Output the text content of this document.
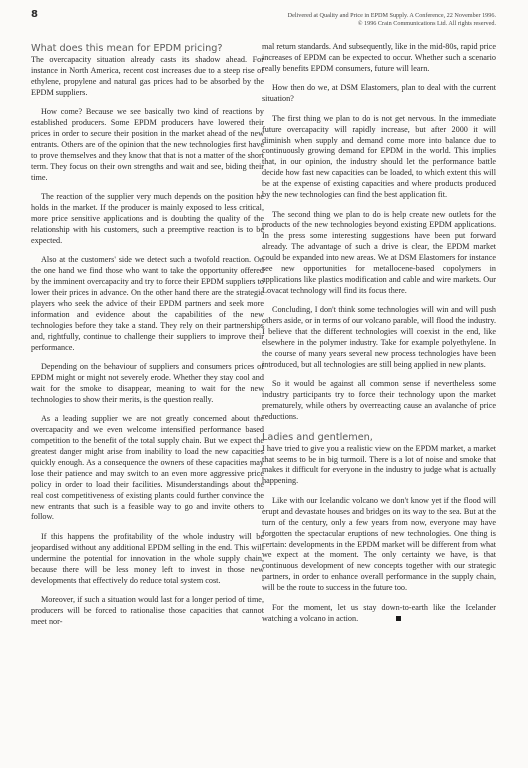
8	Delivered at Quality and Price in EPDM Supply. A Conference, 22 November 1996.
© 1996 Crain Communications Ltd. All rights reserved.
What does this mean for EPDM pricing?

The overcapacity situation already casts its shadow ahead. For instance in North America, recent cost increases due to a steep rise of ethylene, propylene and natural gas prices had to be absorbed by the EPDM suppliers.

How come? Because we see basically two kind of reactions by established producers. Some EPDM producers have lowered their prices in order to secure their position in the market ahead of the new entrants. Others are of the opinion that the new technologies first have to prove themselves and they know that that is not a matter of the short term. They focus on their own strengths and wait and see, biding their time.

The reaction of the supplier very much depends on the position he holds in the market. If the producer is mainly exposed to less critical, more price sensitive applications and is doubting the quality of the relationship with his customers, such a preemptive reaction is to be expected.

Also at the customers' side we detect such a twofold reaction. On the one hand we find those who want to take the opportunity offered by the imminent overcapacity and try to force their EPDM suppliers to lower their prices in advance. On the other hand there are the strategic players who seek the advice of their EPDM partners and seek more information and evidence about the capabilities of the new technologies before they take a stand. They rely on their partnerships and, rightfully, continue to challenge their suppliers to improve their performance.

Depending on the behaviour of suppliers and consumers prices of EPDM might or might not severely erode. Whether they stay cool and wait for the smoke to disappear, meaning to wait for the new technologies to show their merits, is the question really.

As a leading supplier we are not greatly concerned about the overcapacity and we even welcome intensified performance based competition to the benefit of the total supply chain. But we expect the greatest danger might arise from inability to load the new capacities quickly enough. As a consequence the owners of these capacities may lose their patience and may switch to an even more aggressive price policy in order to load their facilities. Misunderstandings about the real cost competitiveness of existing plants could further convince the new entrants that such is a feasible way to go and invite others to follow.

If this happens the profitability of the whole industry will be jeopardised without any additional EPDM selling in the end. This will undermine the potential for innovation in the whole supply chain, because there will be less money left to invest in those new developments that effectively do reduce total system cost.

Moreover, if such a situation would last for a longer period of time, producers will be forced to rationalise those capacities that cannot meet nor-

mal return standards. And subsequently, like in the mid-80s, rapid price increases of EPDM can be expected to occur. Whether such a scenario really benefits EPDM consumers, future will learn.

How then do we, at DSM Elastomers, plan to deal with the current situation?

The first thing we plan to do is not get nervous. In the immediate future overcapacity will rapidly increase, but after 2000 it will diminish when supply and demand come more into balance due to continuously growing demand for EPDM in the world. This implies that, in our opinion, the industry should let the performance battle decide how fast new capacities can be loaded, to which extent this will be at the expense of existing capacities and where products produced by the new technologies can find the best application fit.

The second thing we plan to do is help create new outlets for the products of the new technologies beyond existing EPDM applications. In the press some interesting suggestions have been put forward already. The advantage of such a drive is clear, the EPDM market could be expanded into new areas. We at DSM Elastomers for instance see new opportunities for metallocene-based copolymers in applications like plastics modification and cable and wire markets. Our Lovacat technology will find its focus there.

Concluding, I don't think some technologies will win and will push others aside, or in terms of our volcano parable, will flood the industry. I believe that the different technologies will coexist in the end, like elsewhere in the polymer industry. Take for example polyethylene. In the course of many years several new process technologies have been introduced, but all technologies are still being applied in new plants.

So it would be against all common sense if nevertheless some industry participants try to force their technology upon the market prematurely, while others by overreacting cause an avalanche of price reductions.

Ladies and gentlemen,

I have tried to give you a realistic view on the EPDM market, a market that seems to be in big turmoil. There is a lot of noise and smoke that makes it difficult for everyone in the industry to judge what is actually happening.

Like with our Icelandic volcano we don't know yet if the flood will erupt and devastate houses and bridges on its way to the sea. But at the turn of the century, only a few years from now, everyone may have forgotten the spectacular eruptions of new technologies. One thing is certain: developments in the EPDM market will be different from what we expect at the moment. The only certainty we have, is that continuous development of new concepts together with our strategic partners, in order to enhance overall performance in the supply chain, will be the route to success in the future too.

For the moment, let us stay down-to-earth like the Icelander watching a volcano in action.
